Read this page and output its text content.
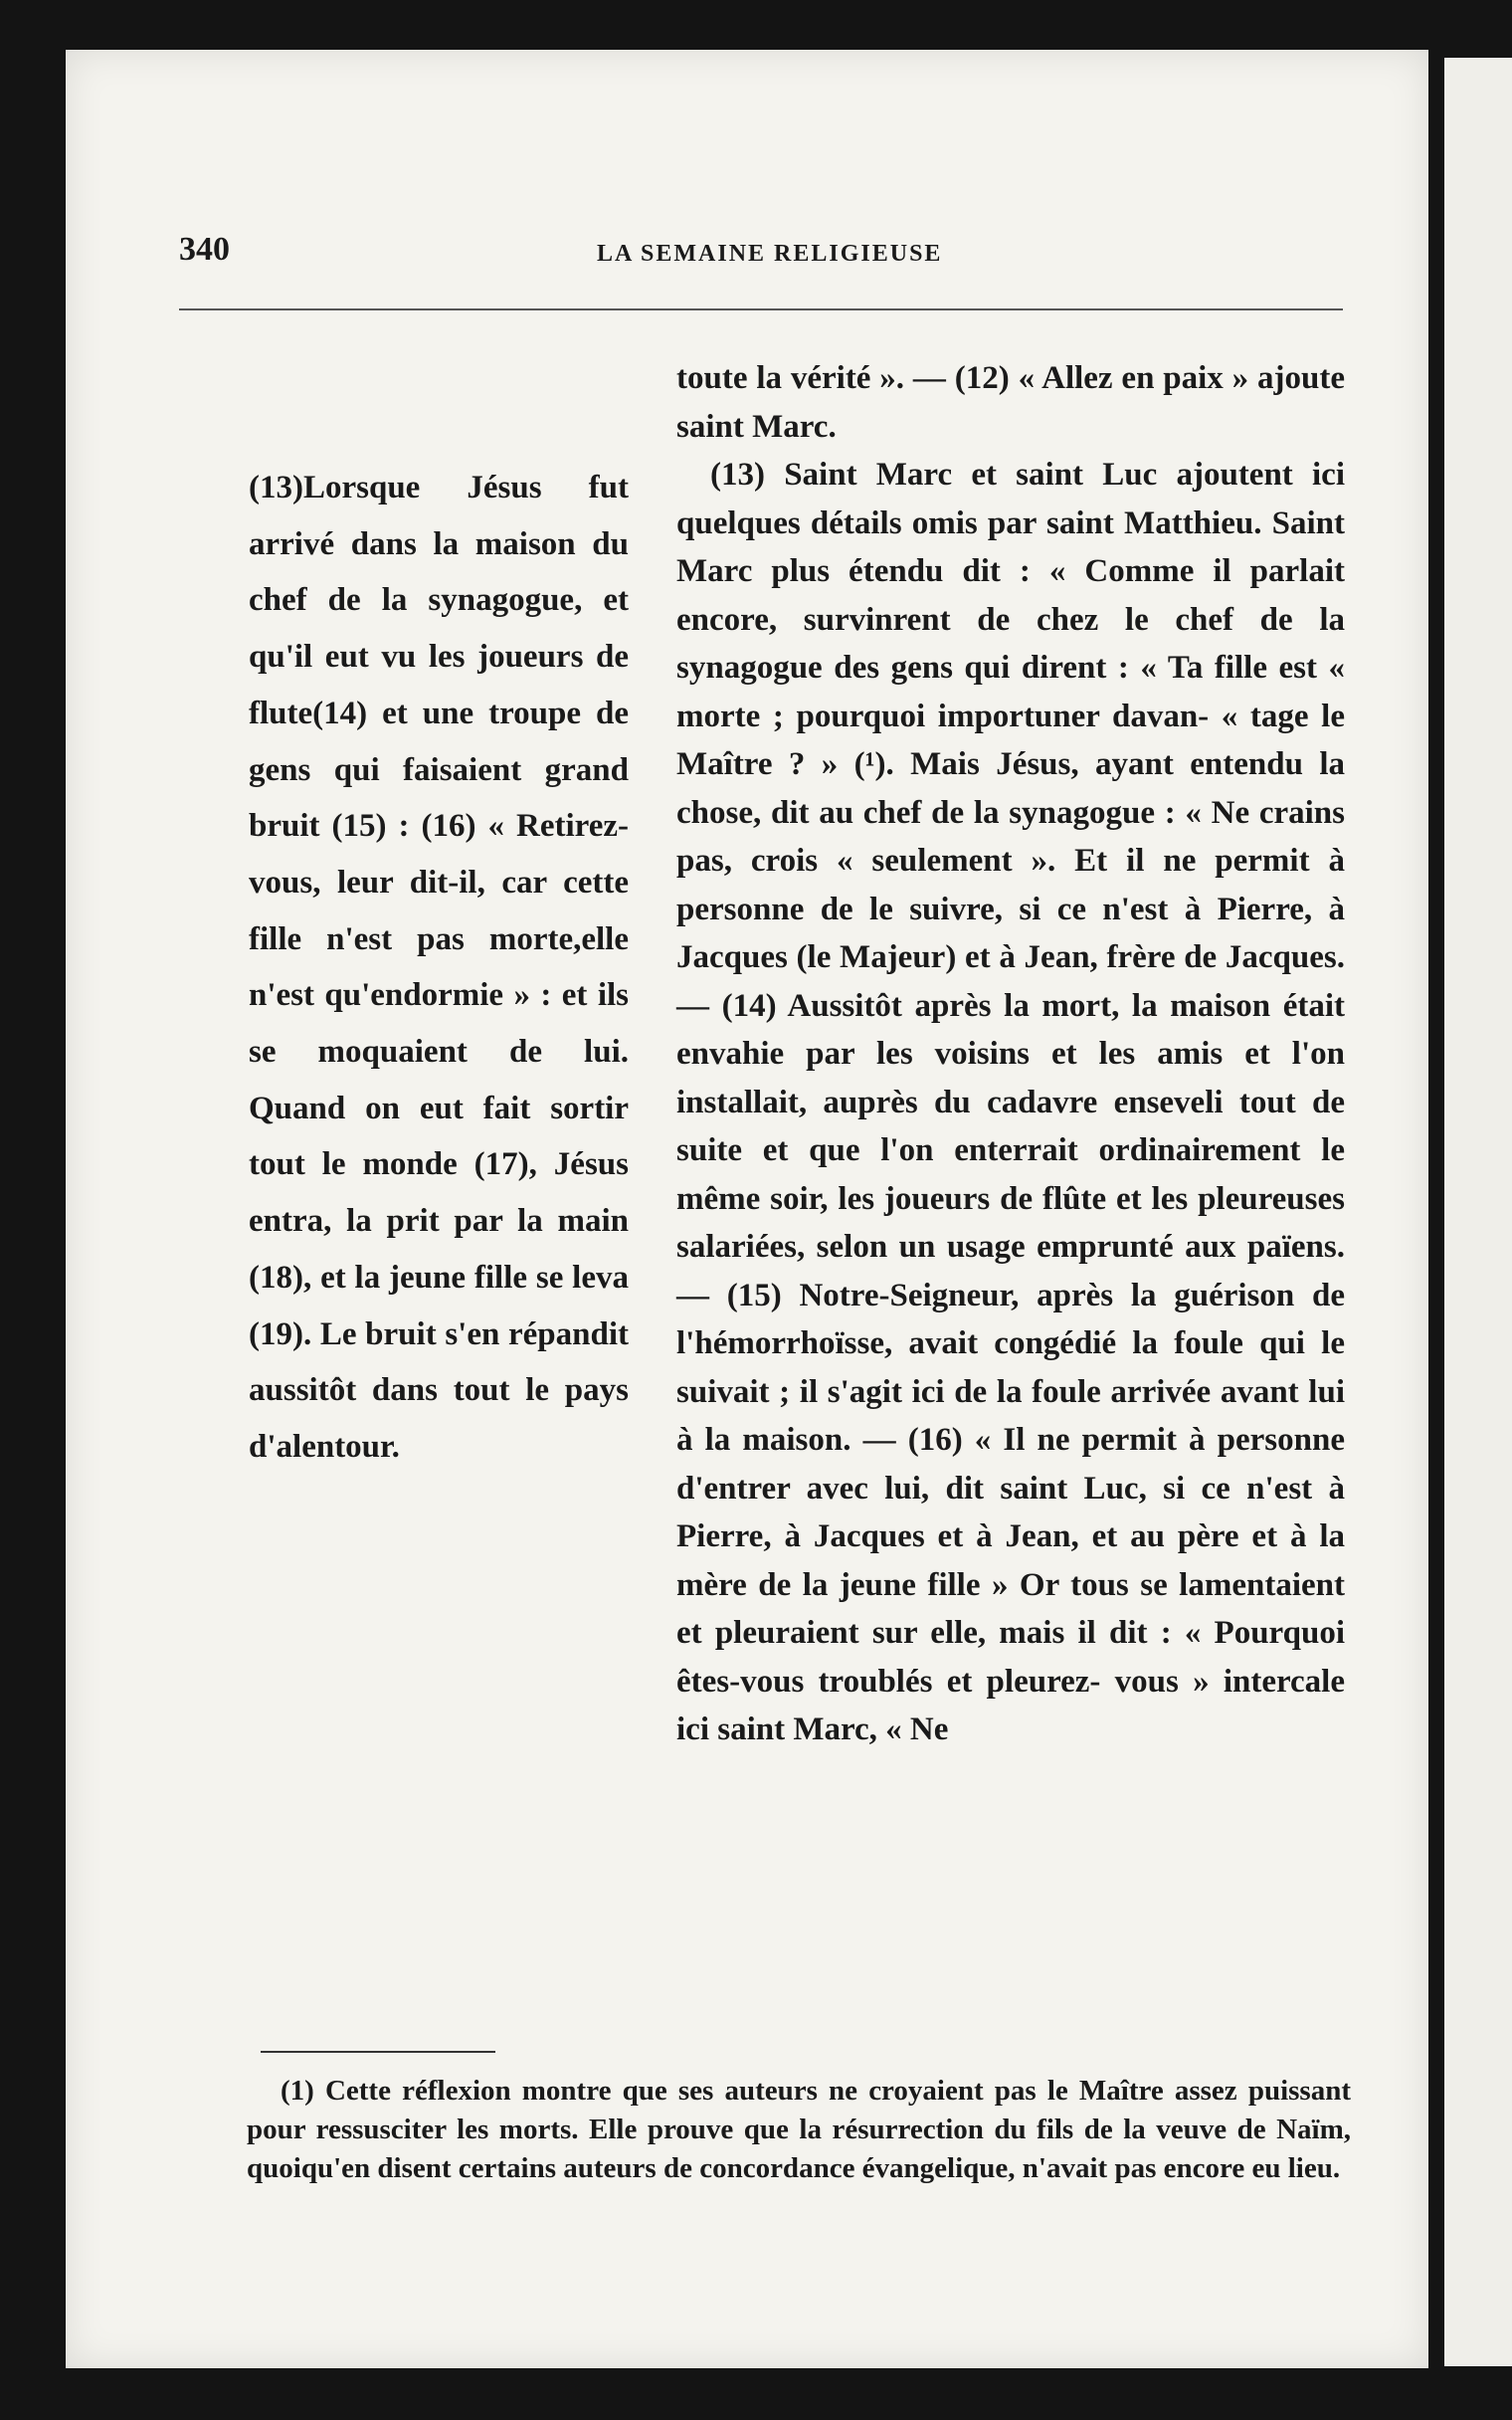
340	LA SEMAINE RELIGIEUSE

(13)Lorsque Jésus fut arrivé dans la maison du chef de la synagogue, et qu'il eut vu les joueurs de flute(14) et une troupe de gens qui faisaient grand bruit (15) : (16) « Retirez-vous, leur dit-il, car cette fille n'est pas morte,elle n'est qu'endormie » : et ils se moquaient de lui. Quand on eut fait sortir tout le monde (17), Jésus entra, la prit par la main (18), et la jeune fille se leva (19). Le bruit s'en répandit aussitôt dans tout le pays d'alentour.

toute la vérité ». — (12) « Allez en paix » ajoute saint Marc.

(13) Saint Marc et saint Luc ajoutent ici quelques détails omis par saint Matthieu. Saint Marc plus étendu dit : « Comme il parlait encore, survinrent de chez le chef de la synagogue des gens qui dirent : « Ta fille est « morte ; pourquoi importuner davan- « tage le Maître ? » (¹). Mais Jésus, ayant entendu la chose, dit au chef de la synagogue : « Ne crains pas, crois « seulement ». Et il ne permit à personne de le suivre, si ce n'est à Pierre, à Jacques (le Majeur) et à Jean, frère de Jacques. — (14) Aussitôt après la mort, la maison était envahie par les voisins et les amis et l'on installait, auprès du cadavre enseveli tout de suite et que l'on enterrait ordinairement le même soir, les joueurs de flûte et les pleureuses salariées, selon un usage emprunté aux païens. — (15) Notre-Seigneur, après la guérison de l'hémorrhoïsse, avait congédié la foule qui le suivait ; il s'agit ici de la foule arrivée avant lui à la maison. — (16) « Il ne permit à personne d'entrer avec lui, dit saint Luc, si ce n'est à Pierre, à Jacques et à Jean, et au père et à la mère de la jeune fille » Or tous se lamentaient et pleuraient sur elle, mais il dit : « Pourquoi êtes-vous troublés et pleurez- vous » intercale ici saint Marc, « Ne

(1) Cette réflexion montre que ses auteurs ne croyaient pas le Maître assez puissant pour ressusciter les morts. Elle prouve que la résurrection du fils de la veuve de Naïm, quoiqu'en disent certains auteurs de concordance évangelique, n'avait pas encore eu lieu.
